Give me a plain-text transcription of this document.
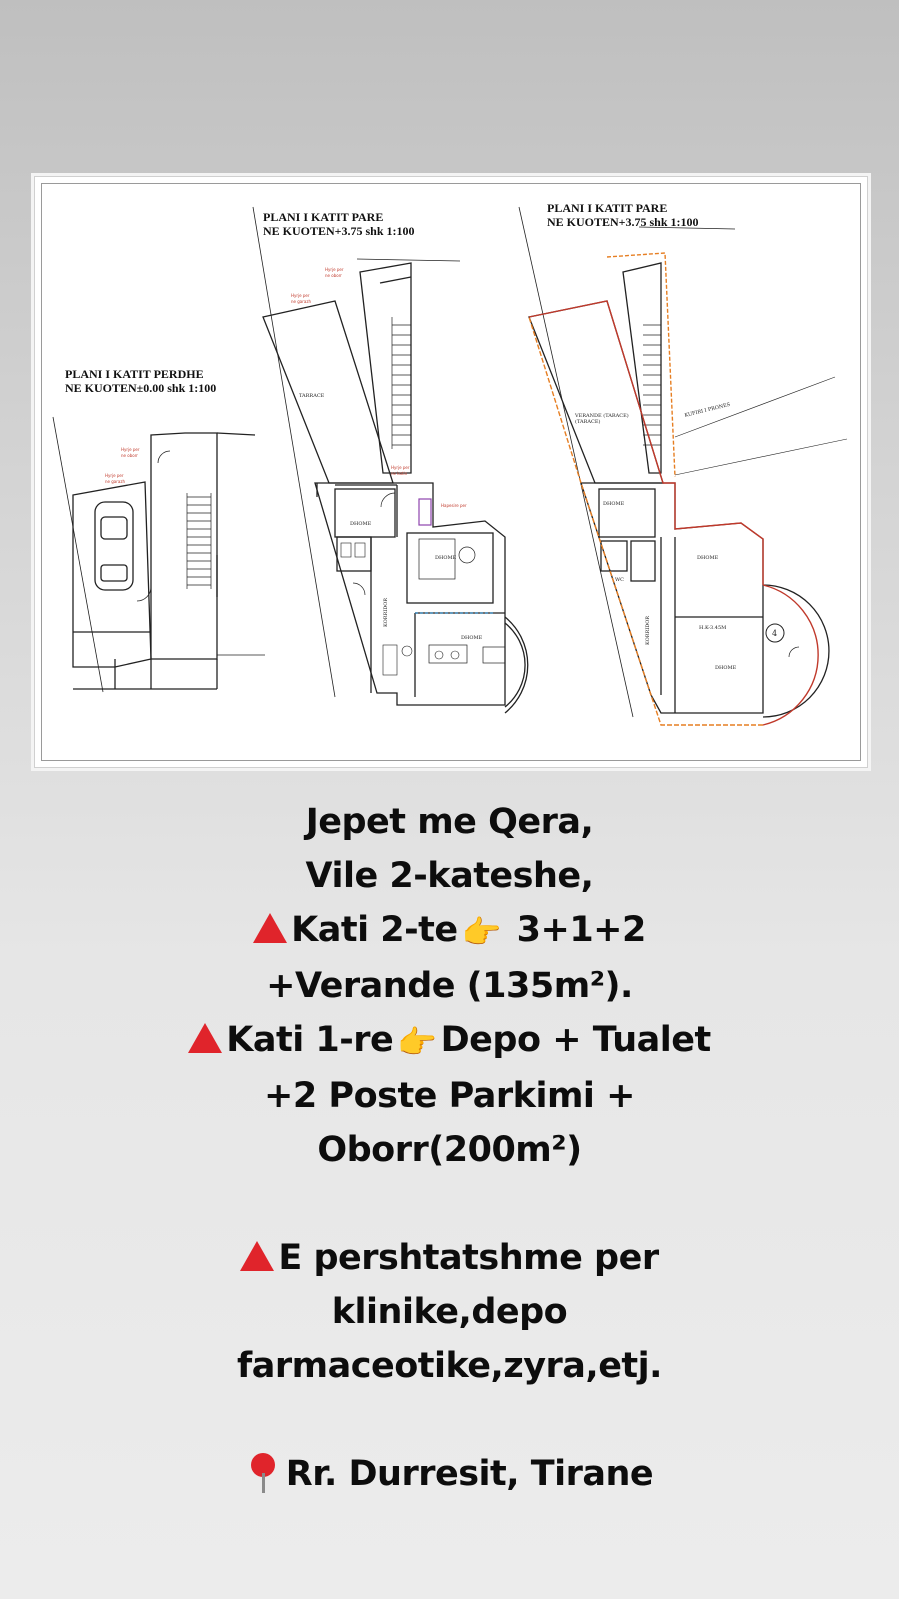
Hyrje per
ne oborr
Hyrje per
ne garazh
TARRACE
DHOME
DHOME
DHOME
KORRIDOR
Hyrje per
ne oborr
Hyrje per
ne garazh
Hyrje per
ne katin
Hapesire per
VERANDE (TARACE)
(TARACE)
KUFIRI I PRONES
DHOME
DHOME
WC
H.K-3.45M
DHOME
KORRIDOR	4
PLANI I KATIT PERDHE
NE KUOTEN±0.00 shk 1:100
PLANI I KATIT PARE
NE KUOTEN+3.75 shk 1:100
PLANI I KATIT PARE
NE KUOTEN+3.75 shk 1:100
Jepet me Qera,
Vile 2-kateshe,
Kati 2-te 👉 3+1+2
+Verande (135m²).
Kati 1-re 👉 Depo + Tualet
+2 Poste Parkimi +
Oborr(200m²)
E pershtatshme per
klinike,depo
farmaceotike,zyra,etj.
Rr. Durresit, Tirane
